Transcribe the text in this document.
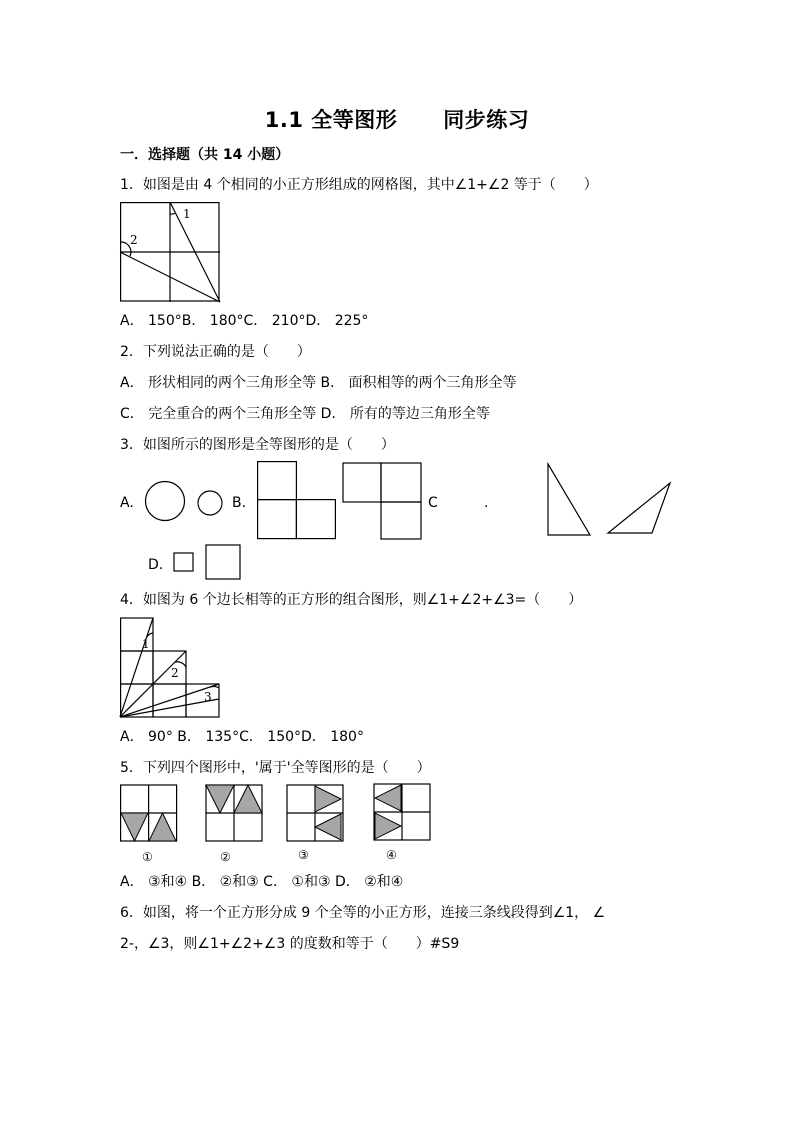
1.1 全等图形 同步练习
一．选择题（共 14 小题）
1．如图是由 4 个相同的小正方形组成的网格图，其中∠1+∠2 等于（　　）
1
2
A． 150°B． 180°C． 210°D． 225°
2．下列说法正确的是（　　）
A． 形状相同的两个三角形全等 B． 面积相等的两个三角形全等
C． 完全重合的两个三角形全等 D． 所有的等边三角形全等
3．如图所示的图形是全等图形的是（　　）
A.	B.	C	.
D.
4．如图为 6 个边长相等的正方形的组合图形，则∠1+∠2+∠3=（　　）
1
2
3
A． 90° B． 135°C． 150°D． 180°
5．下列四个图形中，'属于'全等图形的是（　　）
①	②	③	④
A． ③和④ B． ②和③ C． ①和③ D． ②和④
6．如图，将一个正方形分成 9 个全等的小正方形，连接三条线段得到∠1， ∠
2‐，∠3，则∠1+∠2+∠3 的度数和等于（　　）#S9
